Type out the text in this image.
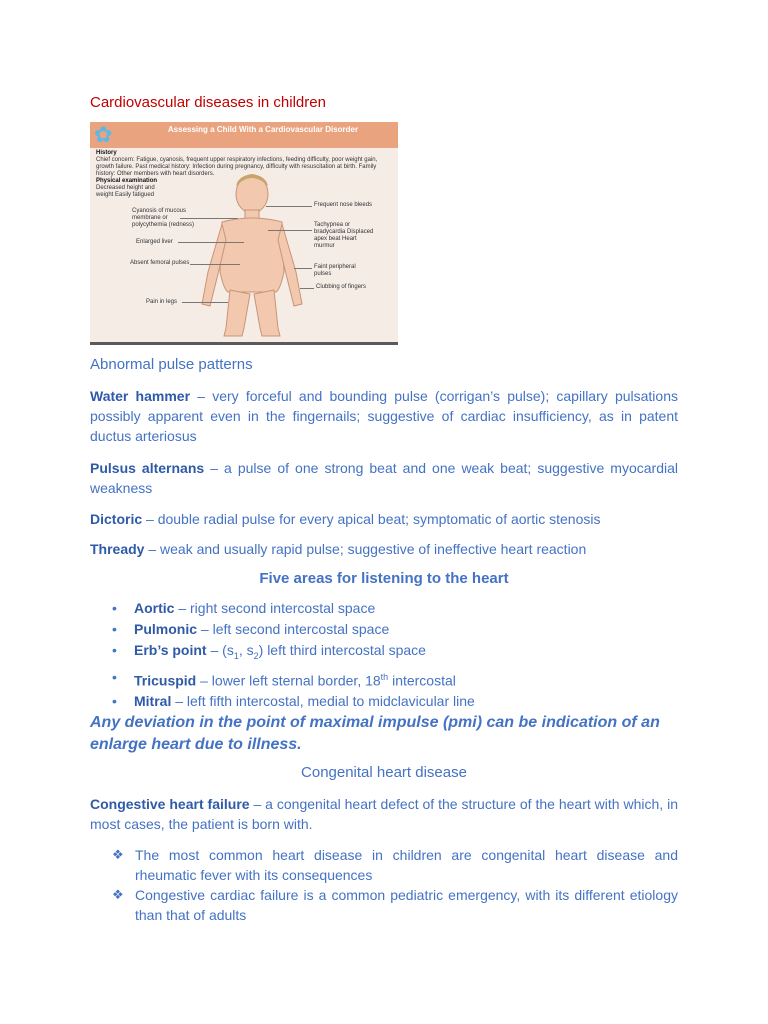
Cardiovascular diseases in children
✿	Assessing a Child With a Cardiovascular Disorder
History
Chief concern: Fatigue, cyanosis, frequent upper respiratory infections, feeding difficulty, poor weight gain, growth failure. Past medical history: Infection during pregnancy, difficulty with resuscitation at birth. Family history: Other members with heart disorders.
Physical examination
Decreased height and weight Easily fatigued
Cyanosis of mucous membrane or polycythemia (redness)
Enlarged liver
Absent femoral pulses
Pain in legs
Frequent nose bleeds
Tachypnea or bradycardia Displaced apex beat Heart murmur
Faint peripheral pulses
Clubbing of fingers
Abnormal pulse patterns
Water hammer – very forceful and bounding pulse (corrigan’s pulse); capillary pulsations possibly apparent even in the fingernails; suggestive of cardiac insufficiency, as in patent ductus arteriosus
Pulsus alternans – a pulse of one strong beat and one weak beat; suggestive myocardial weakness
Dictoric – double radial pulse for every apical beat; symptomatic of aortic stenosis
Thready – weak and usually rapid pulse; suggestive of ineffective heart reaction
Five areas for listening to the heart
• Aortic – right second intercostal space
• Pulmonic – left second intercostal space
• Erb’s point – ($s_1$, $s_2$) left third intercostal space
• Tricuspid – lower left sternal border, 18th intercostal
• Mitral – left fifth intercostal, medial to midclavicular line
Any deviation in the point of maximal impulse (pmi) can be indication of an enlarge heart due to illness.
Congenital heart disease
Congestive heart failure – a congenital heart defect of the structure of the heart with which, in most cases, the patient is born with.
❖ The most common heart disease in children are congenital heart disease and rheumatic fever with its consequences
❖ Congestive cardiac failure is a common pediatric emergency, with its different etiology than that of adults
